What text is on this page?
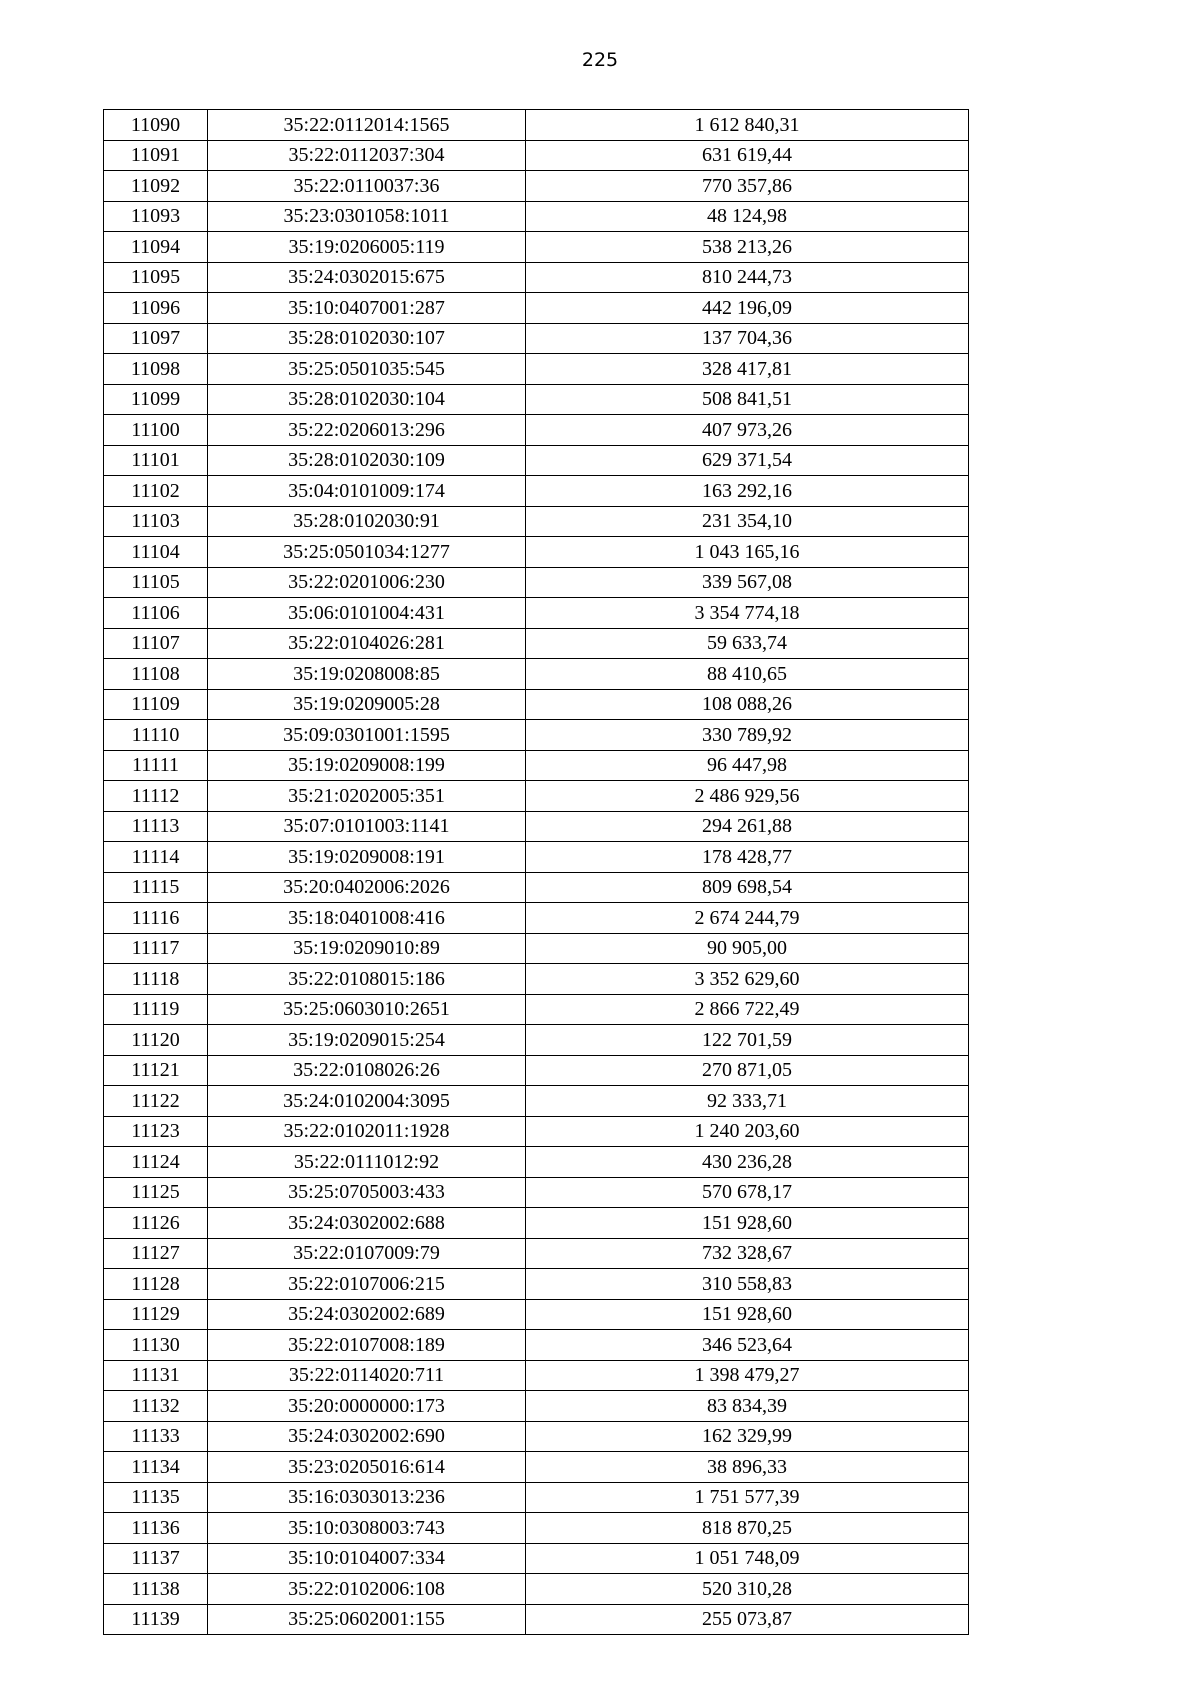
225
11090	35:22:0112014:1565	1 612 840,31
11091	35:22:0112037:304	631 619,44
11092	35:22:0110037:36	770 357,86
11093	35:23:0301058:1011	48 124,98
11094	35:19:0206005:119	538 213,26
11095	35:24:0302015:675	810 244,73
11096	35:10:0407001:287	442 196,09
11097	35:28:0102030:107	137 704,36
11098	35:25:0501035:545	328 417,81
11099	35:28:0102030:104	508 841,51
11100	35:22:0206013:296	407 973,26
11101	35:28:0102030:109	629 371,54
11102	35:04:0101009:174	163 292,16
11103	35:28:0102030:91	231 354,10
11104	35:25:0501034:1277	1 043 165,16
11105	35:22:0201006:230	339 567,08
11106	35:06:0101004:431	3 354 774,18
11107	35:22:0104026:281	59 633,74
11108	35:19:0208008:85	88 410,65
11109	35:19:0209005:28	108 088,26
11110	35:09:0301001:1595	330 789,92
11111	35:19:0209008:199	96 447,98
11112	35:21:0202005:351	2 486 929,56
11113	35:07:0101003:1141	294 261,88
11114	35:19:0209008:191	178 428,77
11115	35:20:0402006:2026	809 698,54
11116	35:18:0401008:416	2 674 244,79
11117	35:19:0209010:89	90 905,00
11118	35:22:0108015:186	3 352 629,60
11119	35:25:0603010:2651	2 866 722,49
11120	35:19:0209015:254	122 701,59
11121	35:22:0108026:26	270 871,05
11122	35:24:0102004:3095	92 333,71
11123	35:22:0102011:1928	1 240 203,60
11124	35:22:0111012:92	430 236,28
11125	35:25:0705003:433	570 678,17
11126	35:24:0302002:688	151 928,60
11127	35:22:0107009:79	732 328,67
11128	35:22:0107006:215	310 558,83
11129	35:24:0302002:689	151 928,60
11130	35:22:0107008:189	346 523,64
11131	35:22:0114020:711	1 398 479,27
11132	35:20:0000000:173	83 834,39
11133	35:24:0302002:690	162 329,99
11134	35:23:0205016:614	38 896,33
11135	35:16:0303013:236	1 751 577,39
11136	35:10:0308003:743	818 870,25
11137	35:10:0104007:334	1 051 748,09
11138	35:22:0102006:108	520 310,28
11139	35:25:0602001:155	255 073,87
